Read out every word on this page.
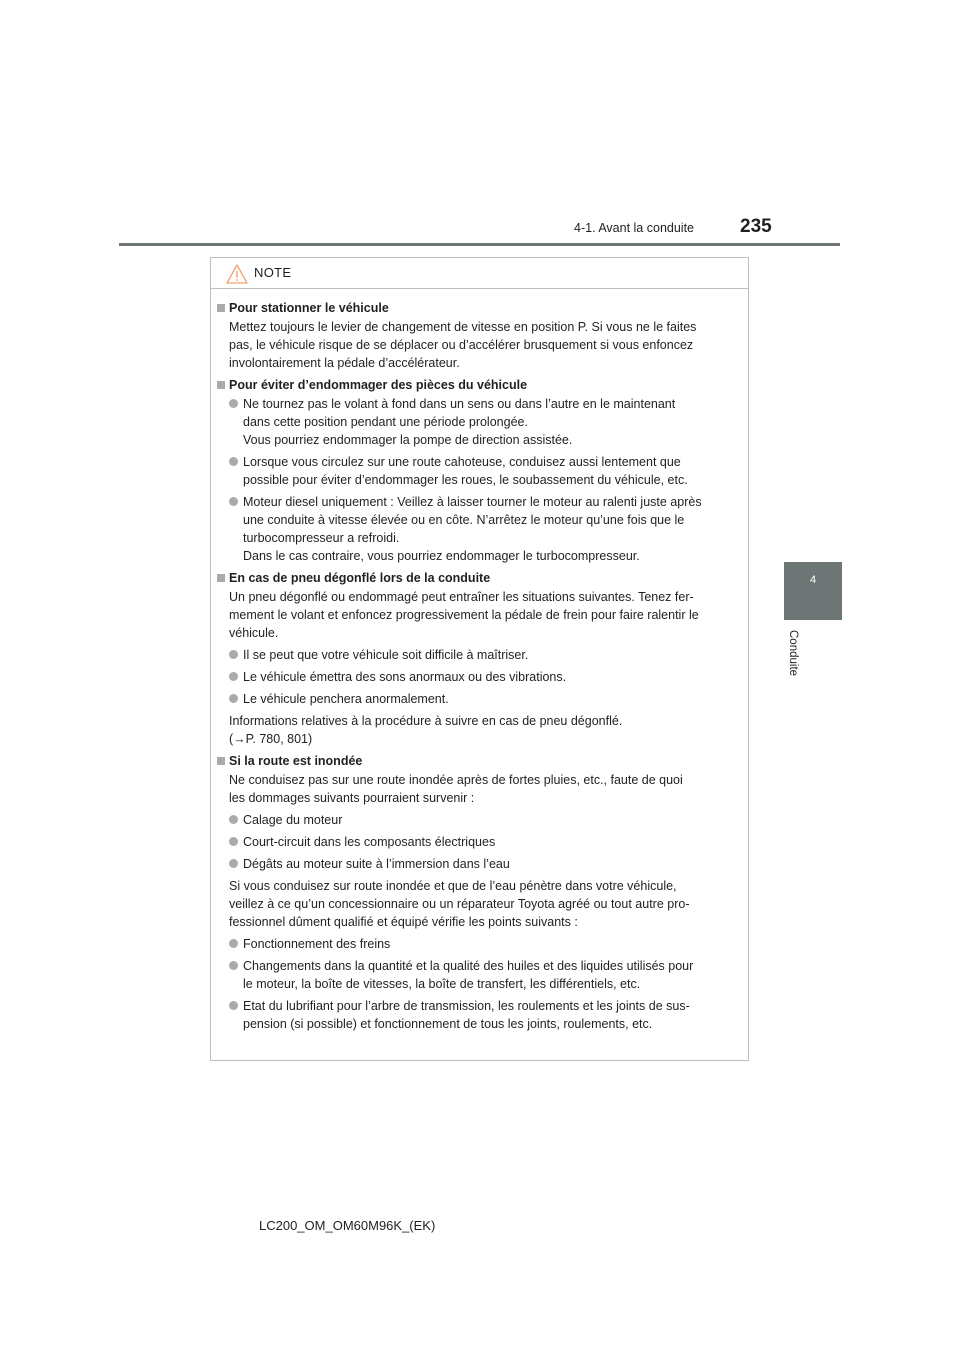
4-1. Avant la conduite 235
4
Conduite
NOTE
Pour stationner le véhicule
Mettez toujours le levier de changement de vitesse en position P. Si vous ne le faites
pas, le véhicule risque de se déplacer ou d’accélérer brusquement si vous enfoncez
involontairement la pédale d’accélérateur.
Pour éviter d’endommager des pièces du véhicule
Ne tournez pas le volant à fond dans un sens ou dans l’autre en le maintenant
dans cette position pendant une période prolongée.
Vous pourriez endommager la pompe de direction assistée.
Lorsque vous circulez sur une route cahoteuse, conduisez aussi lentement que
possible pour éviter d’endommager les roues, le soubassement du véhicule, etc.
Moteur diesel uniquement : Veillez à laisser tourner le moteur au ralenti juste après
une conduite à vitesse élevée ou en côte. N’arrêtez le moteur qu’une fois que le
turbocompresseur a refroidi.
Dans le cas contraire, vous pourriez endommager le turbocompresseur.
En cas de pneu dégonflé lors de la conduite
Un pneu dégonflé ou endommagé peut entraîner les situations suivantes. Tenez fer-
mement le volant et enfoncez progressivement la pédale de frein pour faire ralentir le
véhicule.
Il se peut que votre véhicule soit difficile à maîtriser.
Le véhicule émettra des sons anormaux ou des vibrations.
Le véhicule penchera anormalement.
Informations relatives à la procédure à suivre en cas de pneu dégonflé.
(→P. 780, 801)
Si la route est inondée
Ne conduisez pas sur une route inondée après de fortes pluies, etc., faute de quoi
les dommages suivants pourraient survenir :
Calage du moteur
Court-circuit dans les composants électriques
Dégâts au moteur suite à l’immersion dans l’eau
Si vous conduisez sur route inondée et que de l’eau pénètre dans votre véhicule,
veillez à ce qu’un concessionnaire ou un réparateur Toyota agréé ou tout autre pro-
fessionnel dûment qualifié et équipé vérifie les points suivants :
Fonctionnement des freins
Changements dans la quantité et la qualité des huiles et des liquides utilisés pour
le moteur, la boîte de vitesses, la boîte de transfert, les différentiels, etc.
Etat du lubrifiant pour l’arbre de transmission, les roulements et les joints de sus-
pension (si possible) et fonctionnement de tous les joints, roulements, etc.
LC200_OM_OM60M96K_(EK)
